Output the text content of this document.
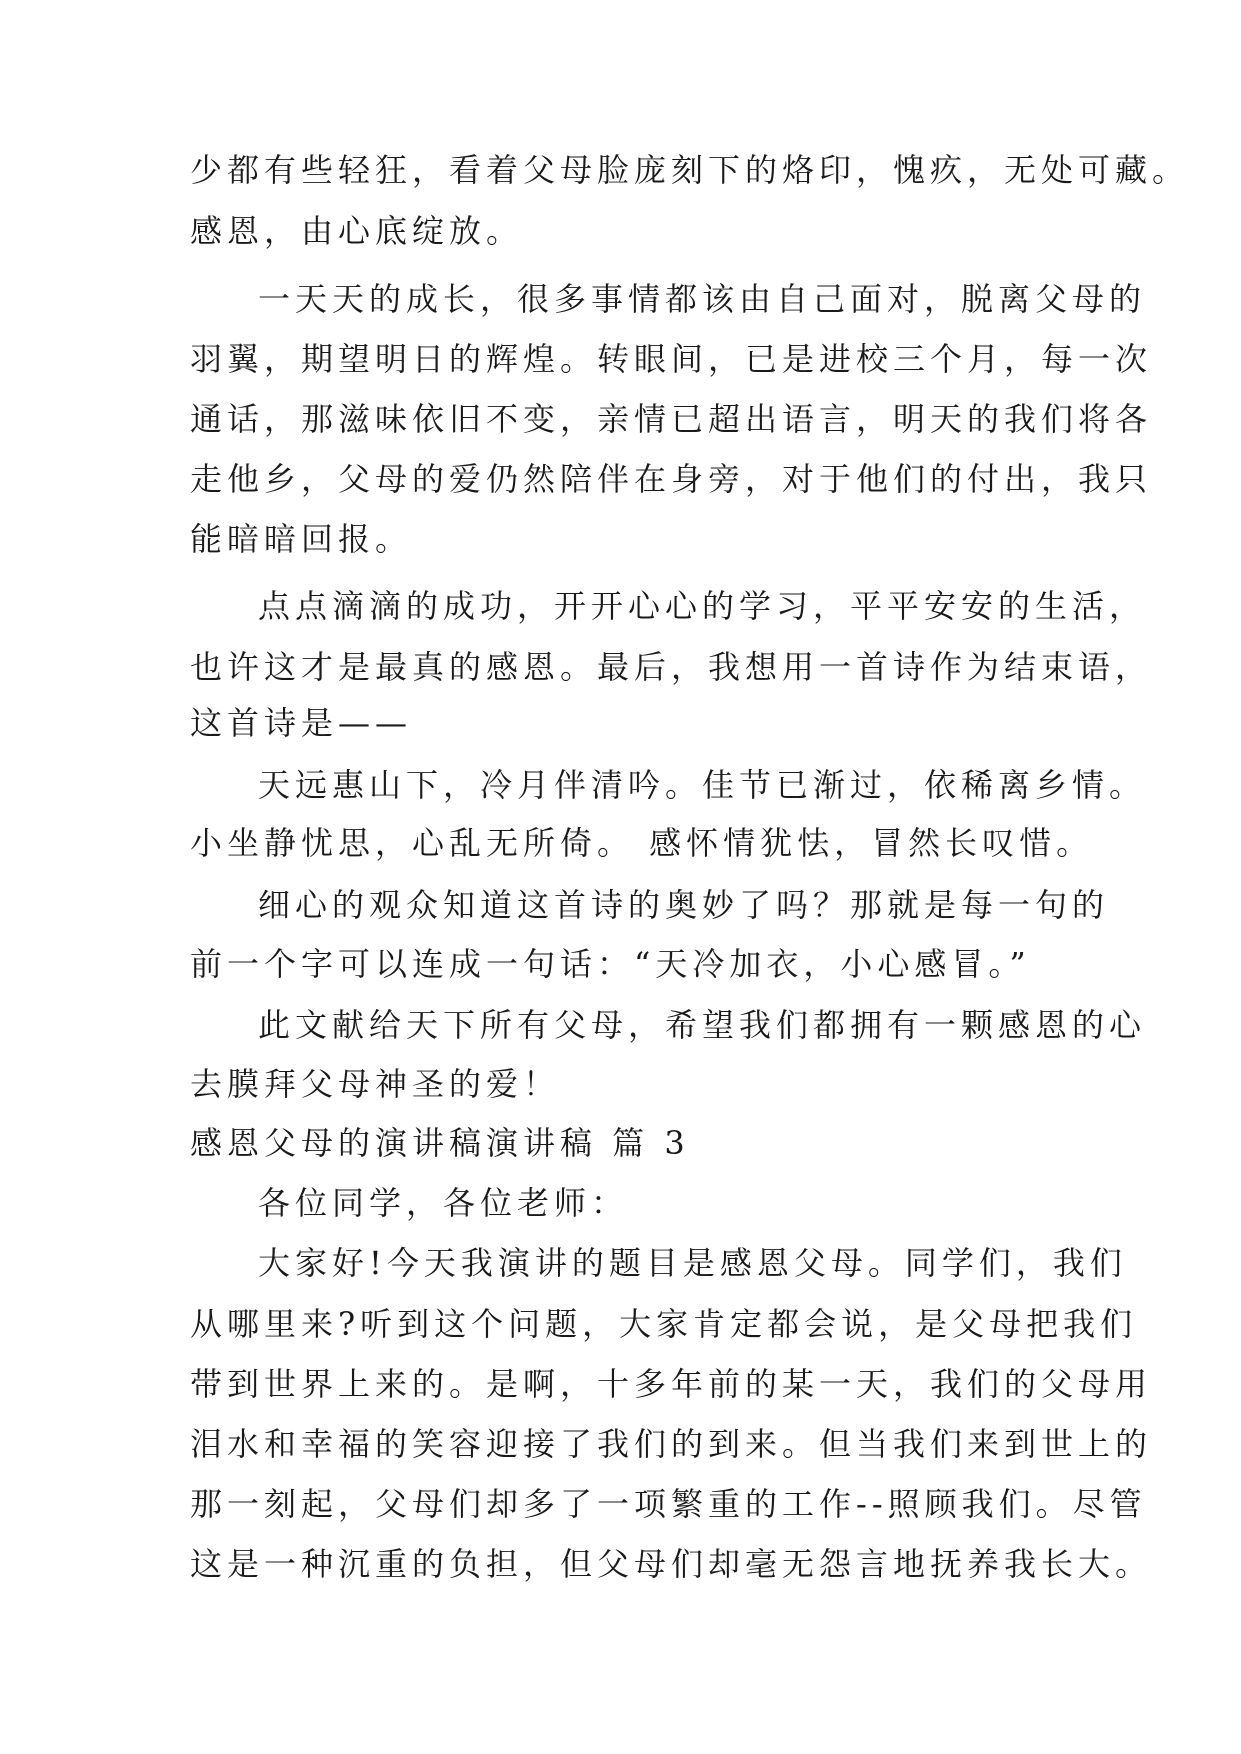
少都有些轻狂，看着父母脸庞刻下的烙印，愧疚，无处可藏。
感恩，由心底绽放。
一天天的成长，很多事情都该由自己面对，脱离父母的
羽翼，期望明日的辉煌。转眼间，已是进校三个月，每一次
通话，那滋味依旧不变，亲情已超出语言，明天的我们将各
走他乡，父母的爱仍然陪伴在身旁，对于他们的付出，我只
能暗暗回报。
点点滴滴的成功，开开心心的学习，平平安安的生活，
也许这才是最真的感恩。最后，我想用一首诗作为结束语，
这首诗是——
天远惠山下，冷月伴清吟。佳节已渐过，依稀离乡情。
小坐静忧思，心乱无所倚。 感怀情犹怯，冒然长叹惜。
细心的观众知道这首诗的奥妙了吗？那就是每一句的
前一个字可以连成一句话：“天冷加衣，小心感冒。”
此文献给天下所有父母，希望我们都拥有一颗感恩的心
去膜拜父母神圣的爱！
感恩父母的演讲稿演讲稿 篇 3
各位同学，各位老师：
大家好!今天我演讲的题目是感恩父母。同学们，我们
从哪里来?听到这个问题，大家肯定都会说，是父母把我们
带到世界上来的。是啊，十多年前的某一天，我们的父母用
泪水和幸福的笑容迎接了我们的到来。但当我们来到世上的
那一刻起，父母们却多了一项繁重的工作--照顾我们。尽管
这是一种沉重的负担，但父母们却毫无怨言地抚养我长大。
